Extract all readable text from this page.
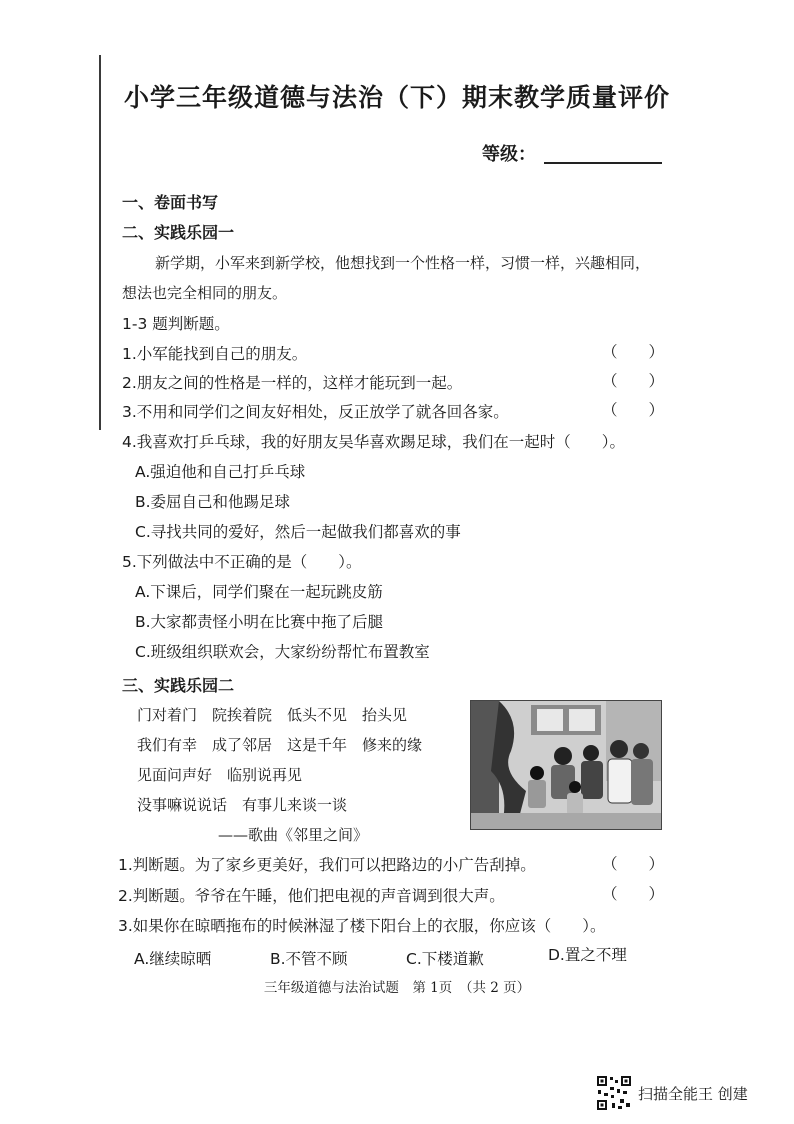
小学三年级道德与法治（下）期末教学质量评价
等级：
一、卷面书写
二、实践乐园一
新学期，小军来到新学校，他想找到一个性格一样，习惯一样，兴趣相同，
想法也完全相同的朋友。
1-3 题判断题。
1.小军能找到自己的朋友。	（　　）
2.朋友之间的性格是一样的，这样才能玩到一起。	（　　）
3.不用和同学们之间友好相处，反正放学了就各回各家。	（　　）
4.我喜欢打乒乓球，我的好朋友吴华喜欢踢足球，我们在一起时（　　）。
A.强迫他和自己打乒乓球
B.委屈自己和他踢足球
C.寻找共同的爱好，然后一起做我们都喜欢的事
5.下列做法中不正确的是（　　）。
A.下课后，同学们聚在一起玩跳皮筋
B.大家都责怪小明在比赛中拖了后腿
C.班级组织联欢会，大家纷纷帮忙布置教室
三、实践乐园二
门对着门　院挨着院　低头不见　抬头见
我们有幸　成了邻居　这是千年　修来的缘
见面问声好　临别说再见
没事嘛说说话　有事儿来谈一谈
——歌曲《邻里之间》
1.判断题。为了家乡更美好，我们可以把路边的小广告刮掉。	（　　）
2.判断题。爷爷在午睡，他们把电视的声音调到很大声。	（　　）
3.如果你在晾晒拖布的时候淋湿了楼下阳台上的衣服，你应该（　　）。
A.继续晾晒	B.不管不顾	C.下楼道歉	D.置之不理
三年级道德与法治试题　第 1页　（共 2 页）
扫描全能王 创建
